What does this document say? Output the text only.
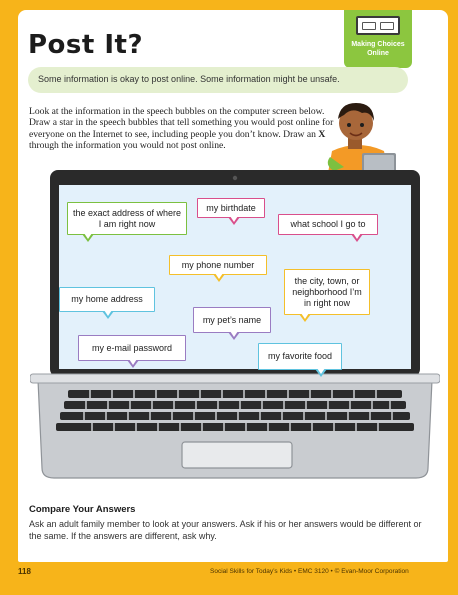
Post It?	Making Choices Online
Some information is okay to post online. Some information might be unsafe.
Look at the information in the speech bubbles on the computer screen below. Draw a star in the speech bubbles that tell something you would post online for everyone on the Internet to see, including people you don’t know. Draw an X through the information you would not post online.
the exact address of where I am right now
my birthdate
what school I go to
my phone number
the city, town, or neighborhood I’m in right now
my home address
my pet’s name
my e-mail password
my favorite food
Compare Your Answers
Ask an adult family member to look at your answers. Ask if his or her answers would be different or the same. If the answers are different, ask why.
118	Social Skills for Today’s Kids • EMC 3120 • © Evan-Moor Corporation
